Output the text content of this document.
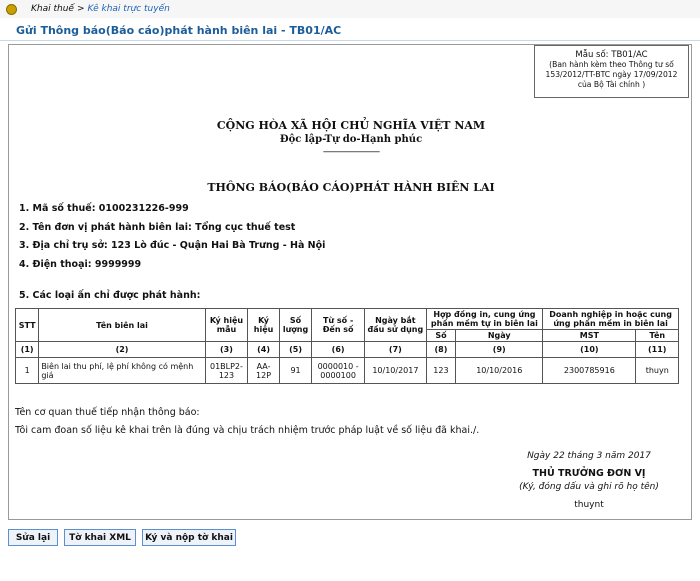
Khai thuế > Kê khai trực tuyến
Gửi Thông báo(Báo cáo)phát hành biên lai - TB01/AC
Mẫu số: TB01/AC
(Ban hành kèm theo Thông tư số
153/2012/TT-BTC ngày 17/09/2012
của Bộ Tài chính )
CỘNG HÒA XÃ HỘI CHỦ NGHĨA VIỆT NAM
Độc lập-Tự do-Hạnh phúc
-------------------------
THÔNG BÁO(BÁO CÁO)PHÁT HÀNH BIÊN LAI
1. Mã số thuế: 0100231226-999
2. Tên đơn vị phát hành biên lai: Tổng cục thuế test
3. Địa chỉ trụ sở: 123 Lò đúc - Quận Hai Bà Trưng - Hà Nội
4. Điện thoại: 9999999
5. Các loại ấn chỉ được phát hành:
STT	Tên biên lai	Ký hiệu mẫu	Ký hiệu	Số lượng	Từ số - Đến số	Ngày bắt đầu sử dụng	Hợp đồng in, cung ứng phần mềm tự in biên lai		Doanh nghiệp in hoặc cung ứng phần mềm in biên lai	
							Số	Ngày	MST	Tên
(1)	(2)	(3)	(4)	(5)	(6)	(7)	(8)	(9)	(10)	(11)
1	Biên lai thu phí, lệ phí không có mệnh giá	01BLP2-123	AA-12P	91	0000010 - 0000100	10/10/2017	123	10/10/2016	2300785916	thuyn
Tên cơ quan thuế tiếp nhận thông báo:
Tôi cam đoan số liệu kê khai trên là đúng và chịu trách nhiệm trước pháp luật về số liệu đã khai./.
Ngày 22 tháng 3 năm 2017
THỦ TRƯỞNG ĐƠN VỊ
(Ký, đóng dấu và ghi rõ họ tên)
thuynt
Sửa lại	Tờ khai XML	Ký và nộp tờ khai
